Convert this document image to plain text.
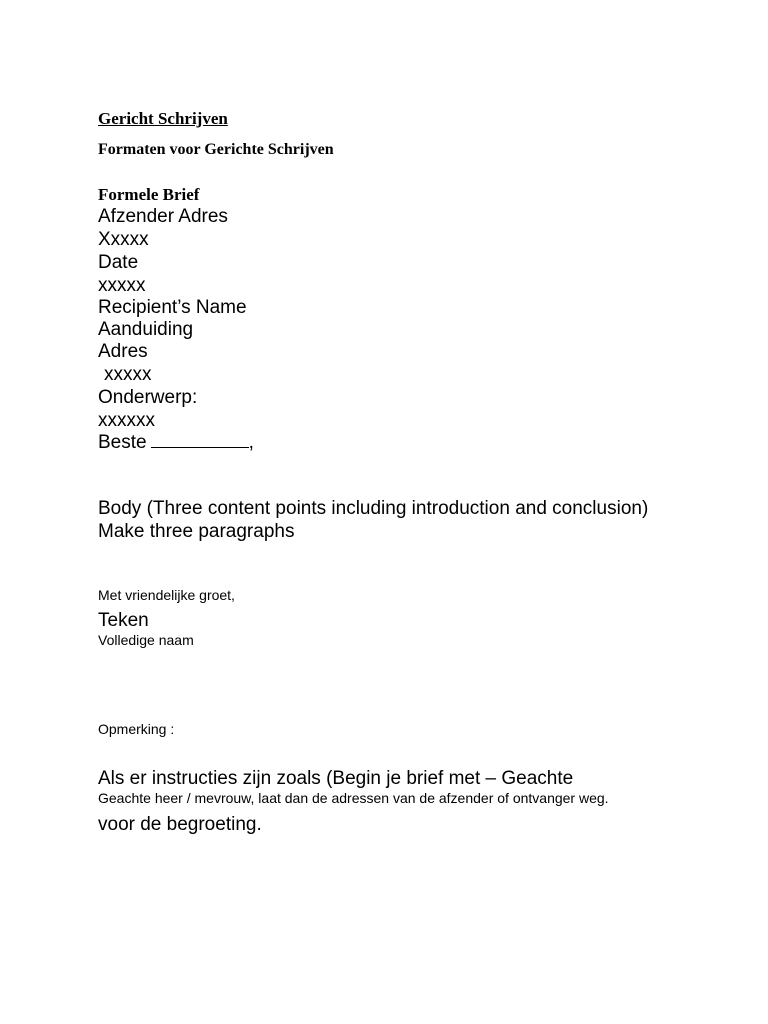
Gericht Schrijven
Formaten voor Gerichte Schrijven
Formele Brief
Afzender Adres
Xxxxx
Date
xxxxx
Recipient’s Name
Aanduiding
Adres
xxxxx
Onderwerp:
xxxxxx
Beste	,
Body (Three content points including introduction and conclusion)
Make three paragraphs
Met vriendelijke groet,
Teken
Volledige naam
Opmerking :
Als er instructies zijn zoals (Begin je brief met – Geachte
Geachte heer / mevrouw, laat dan de adressen van de afzender of ontvanger weg.
voor de begroeting.
